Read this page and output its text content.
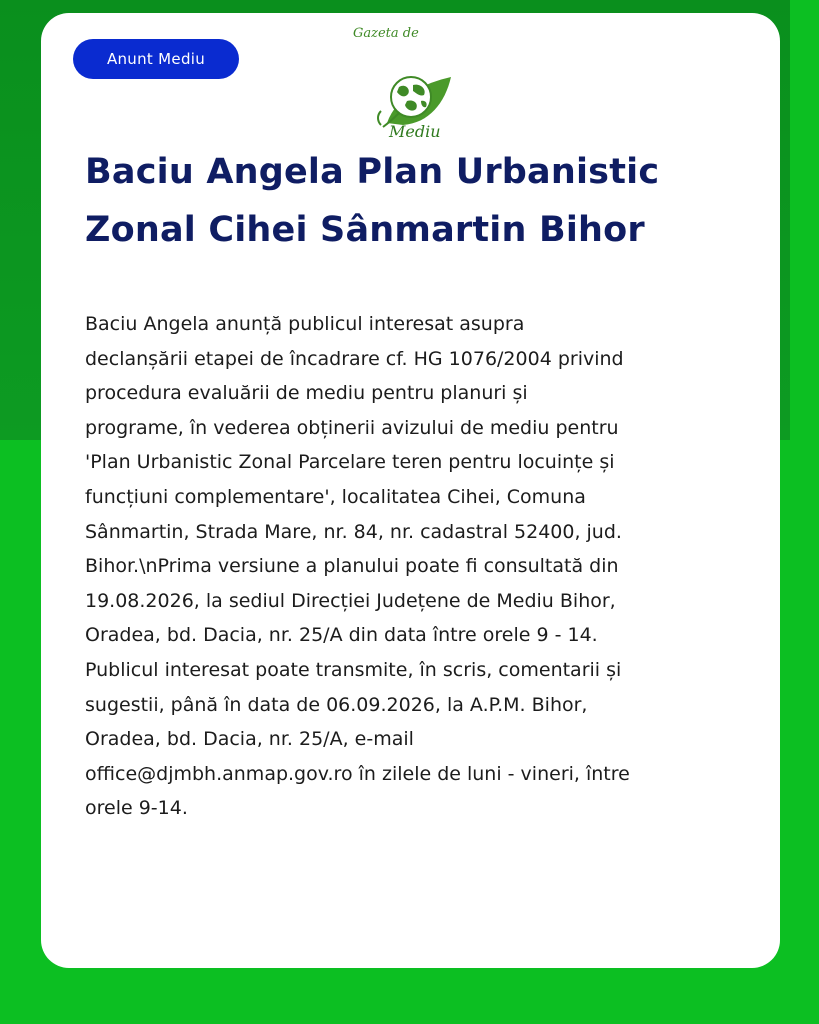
Anunt Mediu
Gazeta de
Mediu
Baciu Angela Plan Urbanistic Zonal Cihei Sânmartin Bihor

Baciu Angela anunță publicul interesat asupra
declanșării etapei de încadrare cf. HG 1076/2004 privind
procedura evaluării de mediu pentru planuri și
programe, în vederea obținerii avizului de mediu pentru
'Plan Urbanistic Zonal Parcelare teren pentru locuințe și
funcțiuni complementare', localitatea Cihei, Comuna
Sânmartin, Strada Mare, nr. 84, nr. cadastral 52400, jud.
Bihor.\nPrima versiune a planului poate fi consultată din
19.08.2026, la sediul Direcției Județene de Mediu Bihor,
Oradea, bd. Dacia, nr. 25/A din data între orele 9 - 14.
Publicul interesat poate transmite, în scris, comentarii și
sugestii, până în data de 06.09.2026, la A.P.M. Bihor,
Oradea, bd. Dacia, nr. 25/A, e-mail
office@djmbh.anmap.gov.ro în zilele de luni - vineri, între
orele 9-14.
